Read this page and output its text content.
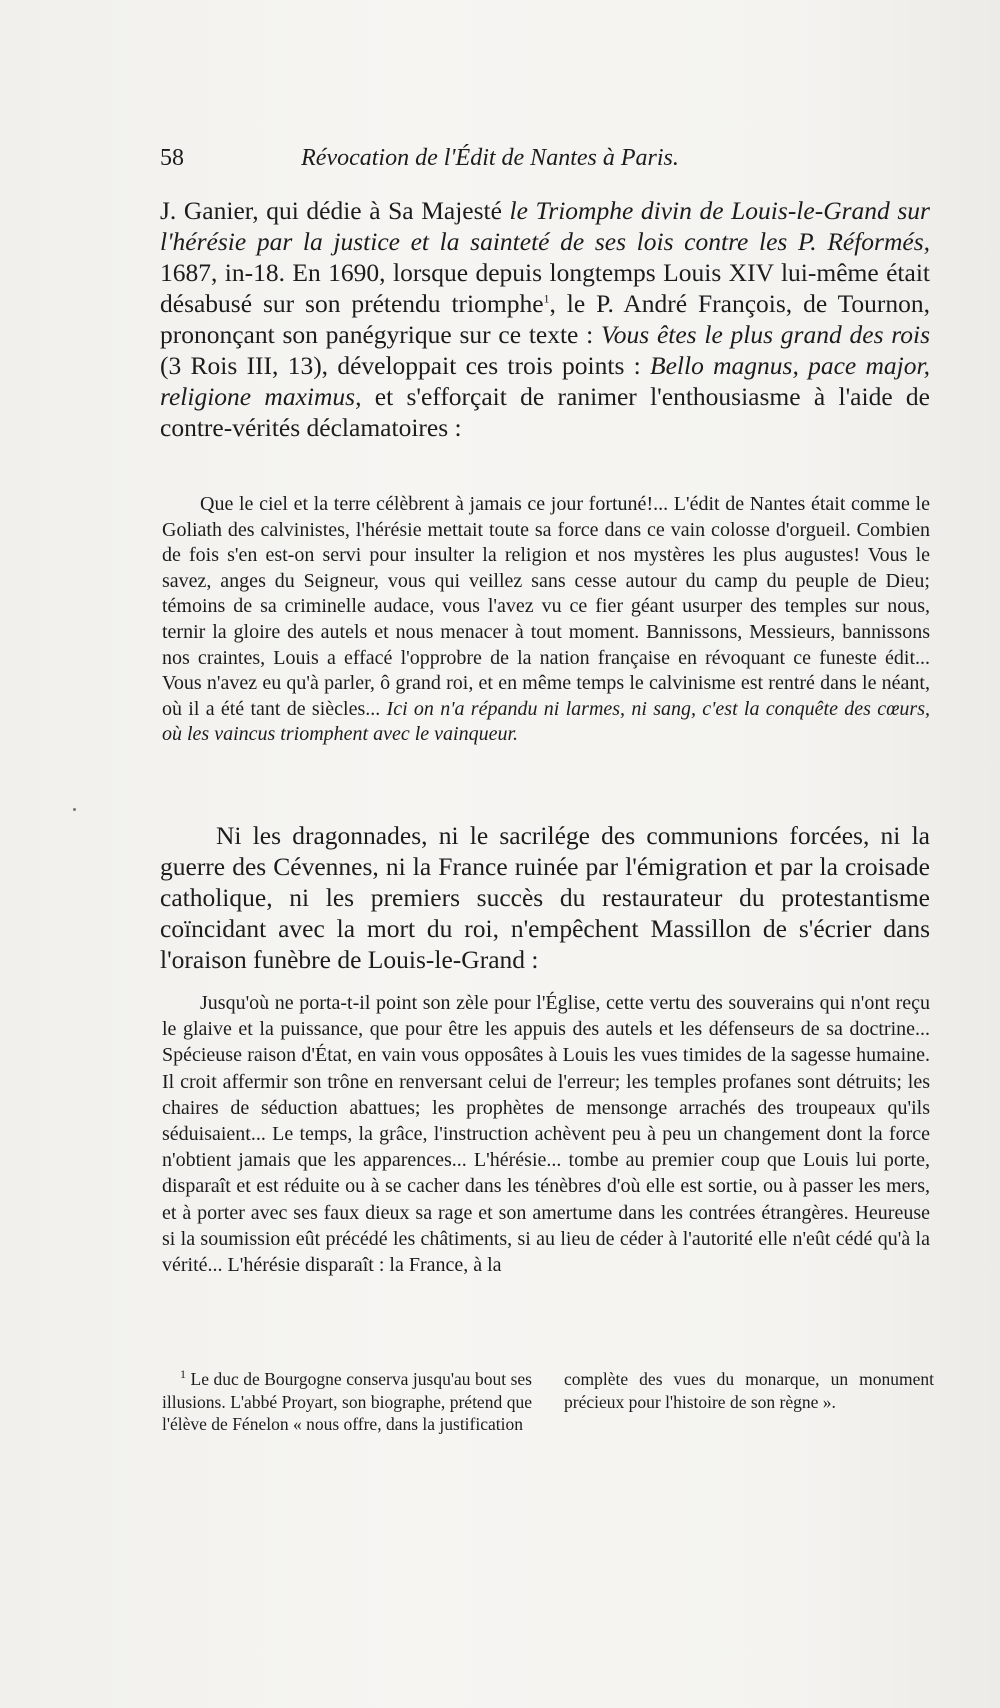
58	Révocation de l'Édit de Nantes à Paris.

J. Ganier, qui dédie à Sa Majesté le Triomphe divin de Louis-le-Grand sur l'hérésie par la justice et la sainteté de ses lois contre les P. Réformés, 1687, in-18. En 1690, lorsque depuis longtemps Louis XIV lui-même était désabusé sur son prétendu triomphe$^1$, le P. André François, de Tournon, prononçant son panégyrique sur ce texte : Vous êtes le plus grand des rois (3 Rois III, 13), développait ces trois points : Bello magnus, pace major, religione maximus, et s'efforçait de ranimer l'enthousiasme à l'aide de contre-vérités déclamatoires :

Que le ciel et la terre célèbrent à jamais ce jour fortuné!... L'édit de Nantes était comme le Goliath des calvinistes, l'hérésie mettait toute sa force dans ce vain colosse d'orgueil. Combien de fois s'en est-on servi pour insulter la religion et nos mystères les plus augustes! Vous le savez, anges du Seigneur, vous qui veillez sans cesse autour du camp du peuple de Dieu; témoins de sa criminelle audace, vous l'avez vu ce fier géant usurper des temples sur nous, ternir la gloire des autels et nous menacer à tout moment. Bannissons, Messieurs, bannissons nos craintes, Louis a effacé l'opprobre de la nation française en révoquant ce funeste édit... Vous n'avez eu qu'à parler, ô grand roi, et en même temps le calvinisme est rentré dans le néant, où il a été tant de siècles... Ici on n'a répandu ni larmes, ni sang, c'est la conquête des cœurs, où les vaincus triomphent avec le vainqueur.

Ni les dragonnades, ni le sacrilége des communions forcées, ni la guerre des Cévennes, ni la France ruinée par l'émigration et par la croisade catholique, ni les premiers succès du restaurateur du protestantisme coïncidant avec la mort du roi, n'empêchent Massillon de s'écrier dans l'oraison funèbre de Louis-le-Grand :

Jusqu'où ne porta-t-il point son zèle pour l'Église, cette vertu des souverains qui n'ont reçu le glaive et la puissance, que pour être les appuis des autels et les défenseurs de sa doctrine... Spécieuse raison d'État, en vain vous opposâtes à Louis les vues timides de la sagesse humaine. Il croit affermir son trône en renversant celui de l'erreur; les temples profanes sont détruits; les chaires de séduction abattues; les prophètes de mensonge arrachés des troupeaux qu'ils séduisaient... Le temps, la grâce, l'instruction achèvent peu à peu un changement dont la force n'obtient jamais que les apparences... L'hérésie... tombe au premier coup que Louis lui porte, disparaît et est réduite ou à se cacher dans les ténèbres d'où elle est sortie, ou à passer les mers, et à porter avec ses faux dieux sa rage et son amertume dans les contrées étrangères. Heureuse si la soumission eût précédé les châtiments, si au lieu de céder à l'autorité elle n'eût cédé qu'à la vérité... L'hérésie disparaît : la France, à la

$^1$ Le duc de Bourgogne conserva jusqu'au bout ses illusions. L'abbé Proyart, son biographe, prétend que l'élève de Fénelon « nous offre, dans la justification
complète des vues du monarque, un monument précieux pour l'histoire de son règne ».
